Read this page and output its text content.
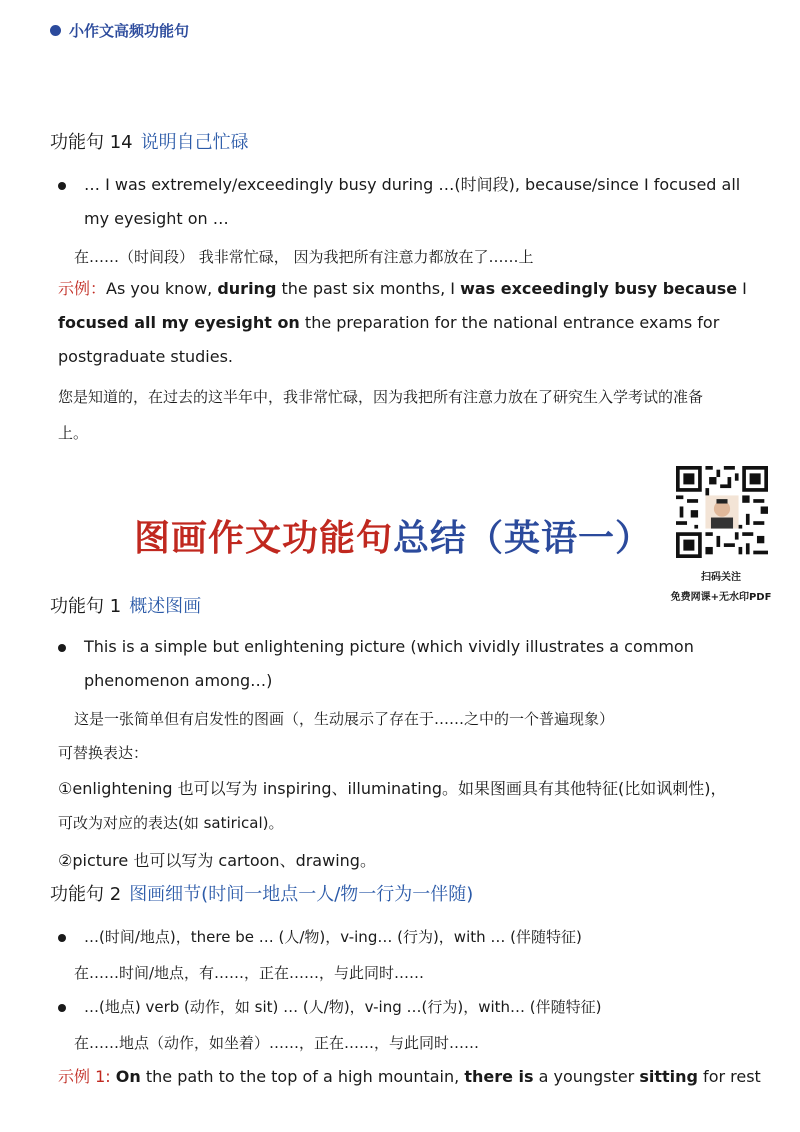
小作文高频功能句
功能句 14 说明自己忙碌
… I was extremely/exceedingly busy during …(时间段), because/since I focused all
my eyesight on …
在……（时间段） 我非常忙碌， 因为我把所有注意力都放在了……上
示例：As you know, during the past six months, I was exceedingly busy because I
focused all my eyesight on the preparation for the national entrance exams for
postgraduate studies.
您是知道的，在过去的这半年中，我非常忙碌，因为我把所有注意力放在了研究生入学考试的准备
上。
图画作文功能句总结（英语一）
扫码关注
免费网课+无水印PDF
功能句 1 概述图画
This is a simple but enlightening picture (which vividly illustrates a common
phenomenon among…)
这是一张简单但有启发性的图画（，生动展示了存在于……之中的一个普遍现象）
可替换表达：
①enlightening 也可以写为 inspiring、illuminating。如果图画具有其他特征(比如讽刺性)，
可改为对应的表达(如 satirical)。
②picture 也可以写为 cartoon、drawing。
功能句 2 图画细节(时间一地点一人/物一行为一伴随)
…(时间/地点)，there be … (人/物)，v-ing… (行为)，with … (伴随特征)
在……时间/地点，有……，正在……，与此同时……
…(地点) verb (动作，如 sit) … (人/物)，v-ing …(行为)，with… (伴随特征)
在……地点（动作，如坐着）……，正在……，与此同时……
示例 1: On the path to the top of a high mountain, there is a youngster sitting for rest
